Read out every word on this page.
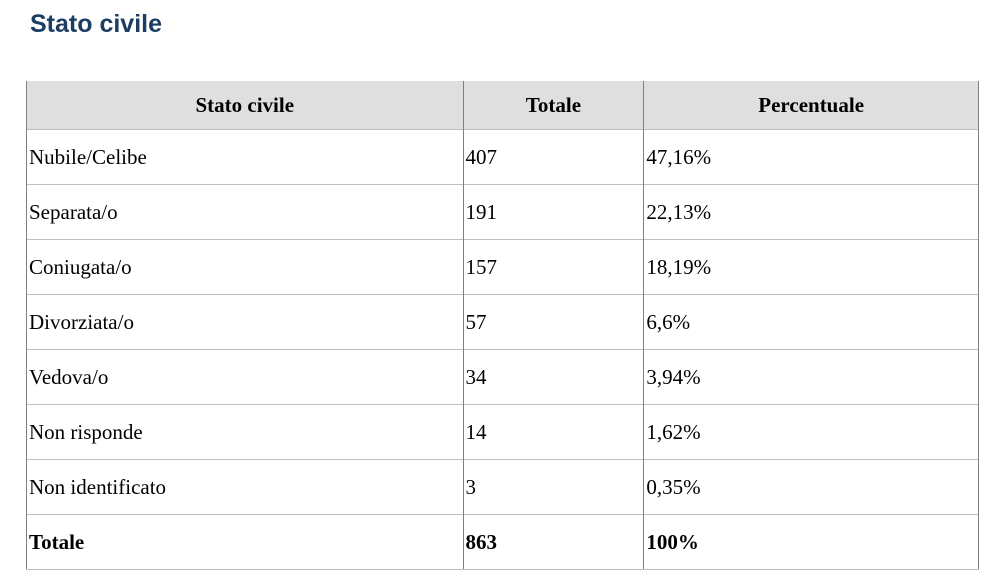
Stato civile
Stato civile	Totale	Percentuale
Nubile/Celibe	407	47,16%
Separata/o	191	22,13%
Coniugata/o	157	18,19%
Divorziata/o	57	6,6%
Vedova/o	34	3,94%
Non risponde	14	1,62%
Non identificato	3	0,35%
Totale	863	100%
